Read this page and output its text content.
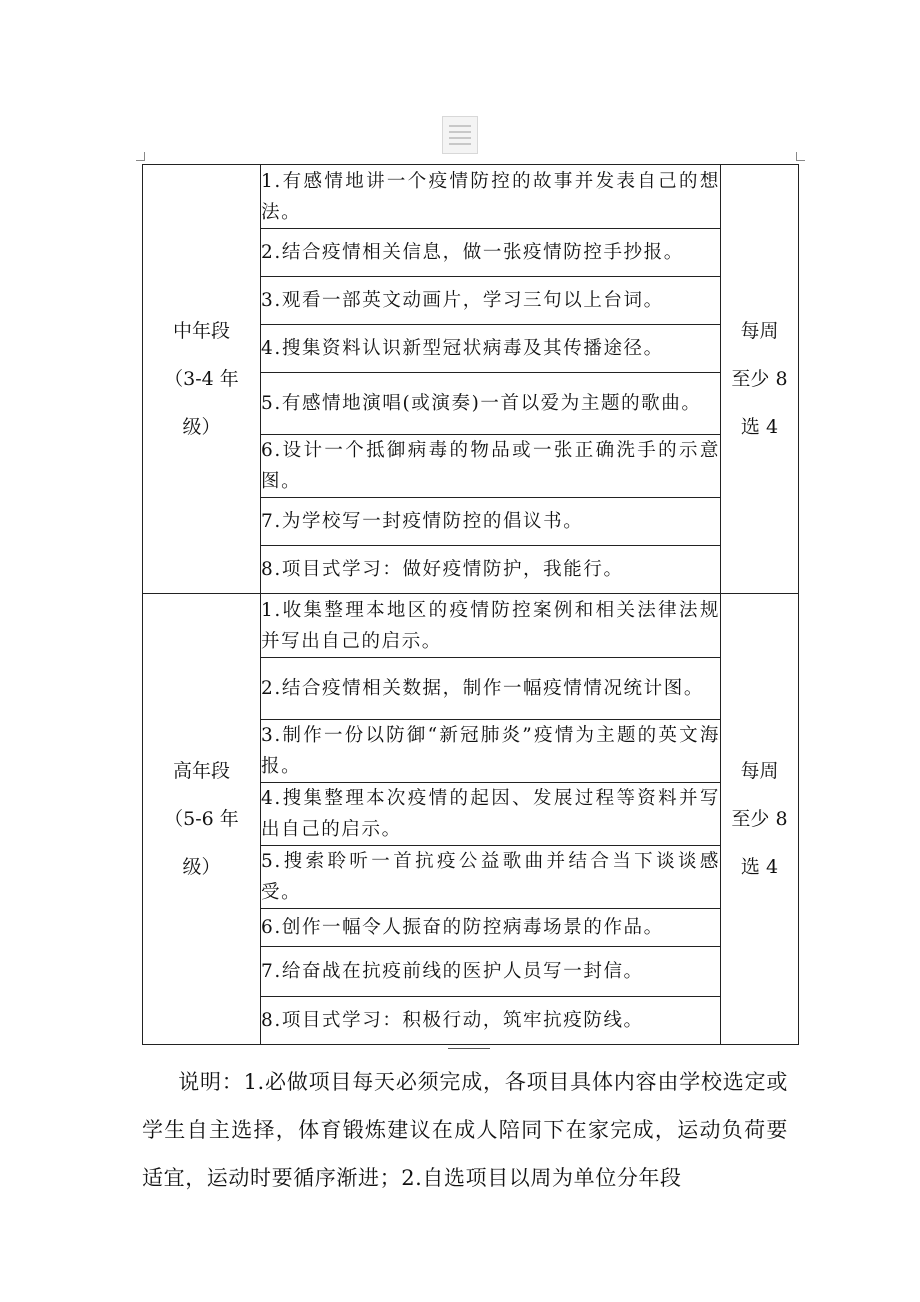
中年段
（3-4 年
级）	1.有感情地讲一个疫情防控的故事并发表自己的想法。	每周
至少 8
选 4

	2.结合疫情相关信息，做一张疫情防控手抄报。	
	3.观看一部英文动画片，学习三句以上台词。	
	4.搜集资料认识新型冠状病毒及其传播途径。	
	5.有感情地演唱(或演奏)一首以爱为主题的歌曲。	
	6.设计一个抵御病毒的物品或一张正确洗手的示意图。	
	7.为学校写一封疫情防控的倡议书。	
	8.项目式学习：做好疫情防护，我能行。	

高年段
（5-6 年
级）	1.收集整理本地区的疫情防控案例和相关法律法规并写出自己的启示。	每周
至少 8
选 4

	2.结合疫情相关数据，制作一幅疫情情况统计图。	
	3.制作一份以防御“新冠肺炎”疫情为主题的英文海报。	
	4.搜集整理本次疫情的起因、发展过程等资料并写出自己的启示。	
	5.搜索聆听一首抗疫公益歌曲并结合当下谈谈感受。	
	6.创作一幅令人振奋的防控病毒场景的作品。	
	7.给奋战在抗疫前线的医护人员写一封信。	
	8.项目式学习：积极行动，筑牢抗疫防线。	
说明：1.必做项目每天必须完成，各项目具体内容由学校选定或学生自主选择，体育锻炼建议在成人陪同下在家完成，运动负荷要适宜，运动时要循序渐进；2.自选项目以周为单位分年段
